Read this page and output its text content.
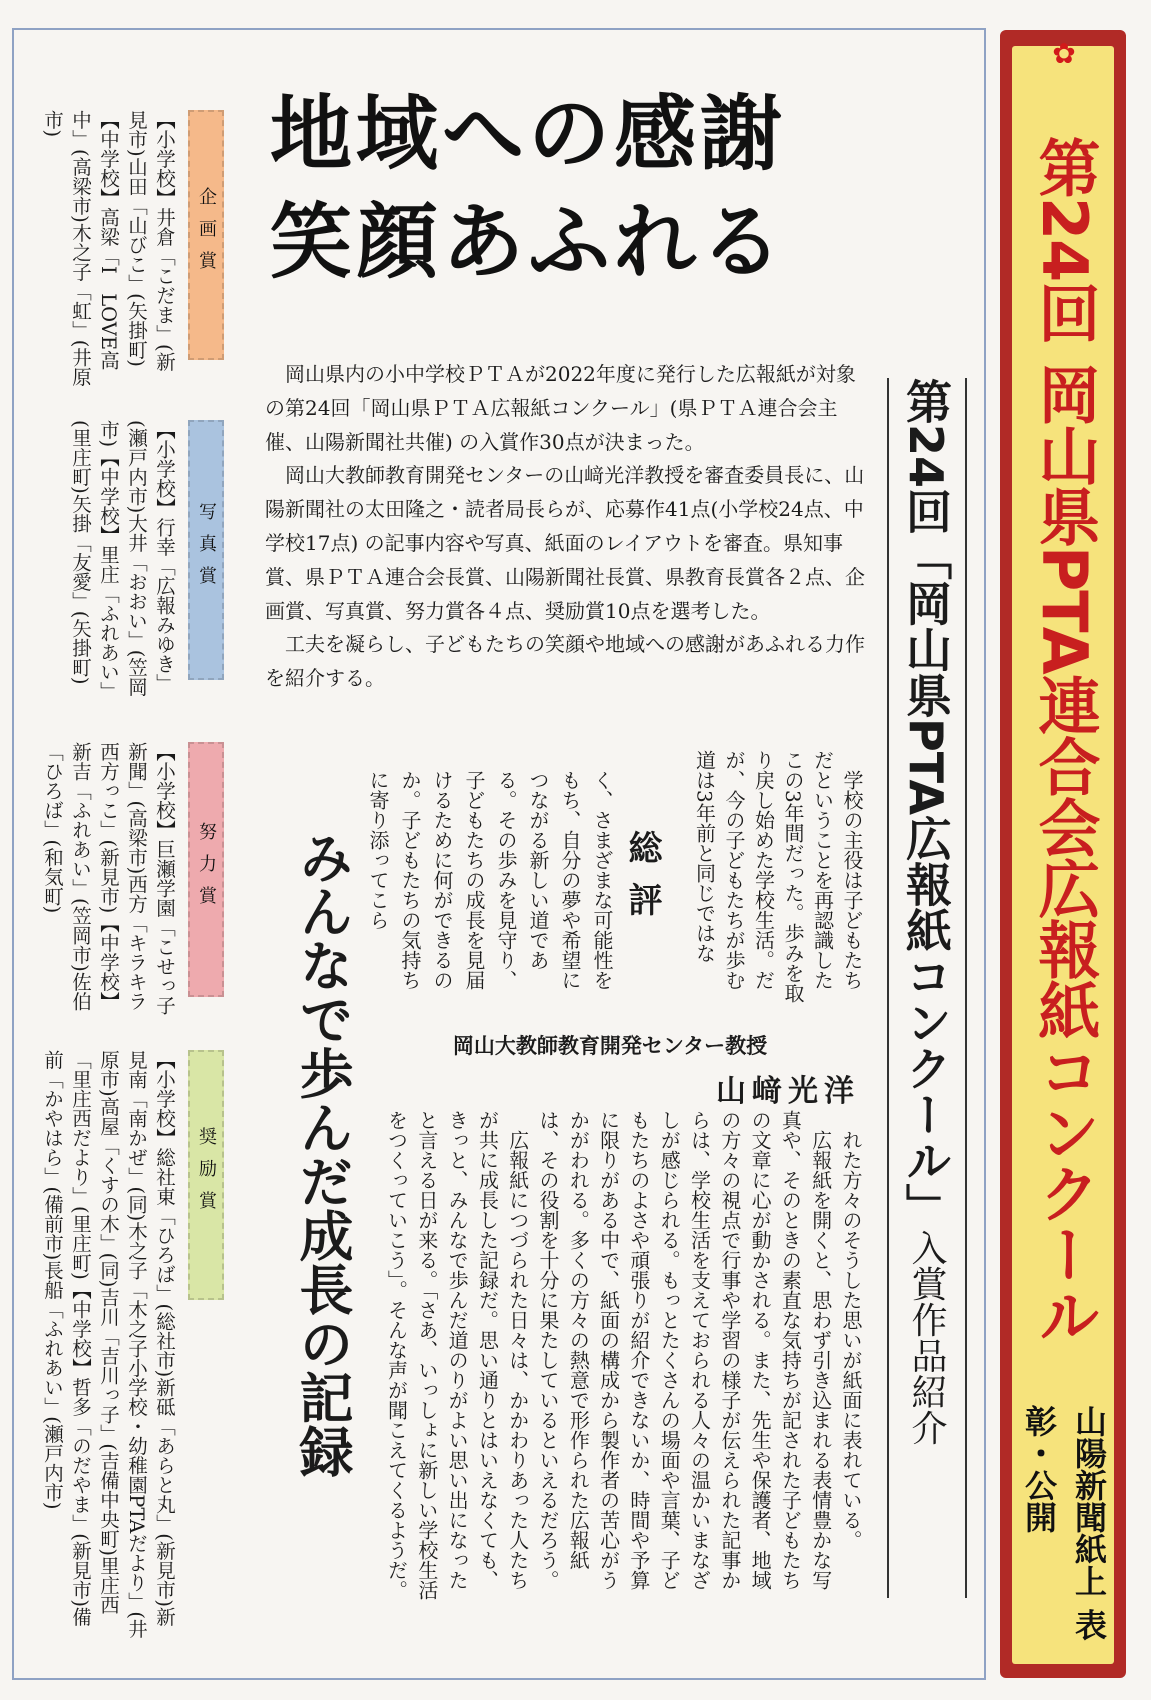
✿
第24回 岡山県PTA連合会広報紙コンクール
山陽新聞紙上 表彰・公開
地域への感謝
笑顔あふれる

岡山県内の小中学校ＰＴＡが2022年度に発行した広報紙が対象の第24回「岡山県ＰＴＡ広報紙コンクール」(県ＰＴＡ連合会主催、山陽新聞社共催) の入賞作30点が決まった。

岡山大教師教育開発センターの山﨑光洋教授を審査委員長に、山陽新聞社の太田隆之・読者局長らが、応募作41点(小学校24点、中学校17点) の記事内容や写真、紙面のレイアウトを審査。県知事賞、県ＰＴＡ連合会長賞、山陽新聞社長賞、県教育長賞各２点、企画賞、写真賞、努力賞各４点、奨励賞10点を選考した。

工夫を凝らし、子どもたちの笑顔や地域への感謝があふれる力作を紹介する。	第24回「岡山県PTA広報紙コンクール」入賞作品紹介
みんなで歩んだ成長の記録	学校の主役は子どもたちだということを再認識したこの3年間だった。歩みを取り戻し始めた学校生活。だが、今の子どもたちが歩む道は3年前と同じではな
総評
く、さまざまな可能性をもち、自分の夢や希望につながる新しい道である。その歩みを見守り、子どもたちの成長を見届けるために何ができるのか。子どもたちの気持ちに寄り添ってこら
岡山大教師教育開発センター教授
山﨑光洋

れた方々のそうした思いが紙面に表れている。

広報紙を開くと、思わず引き込まれる表情豊かな写真や、そのときの素直な気持ちが記された子どもたちの文章に心が動かされる。また、先生や保護者、地域の方々の視点で行事や学習の様子が伝えられた記事からは、学校生活を支えておられる人々の温かいまなざしが感じられる。もっとたくさんの場面や言葉、子どもたちのよさや頑張りが紹介できないか、時間や予算に限りがある中で、紙面の構成から製作者の苦心がうかがわれる。多くの方々の熱意で形作られた広報紙は、その役割を十分に果たしているといえるだろう。

広報紙につづられた日々は、かかわりあった人たちが共に成長した記録だ。思い通りとはいえなくても、きっと、みんなで歩んだ道のりがよい思い出になったと言える日が来る。「さあ、いっしょに新しい学校生活をつくっていこう」。そんな声が聞こえてくるようだ。

企画賞
【小学校】井倉「こだま」(新見市)山田「山びこ」(矢掛町)【中学校】高梁「I　LOVE高中」(高梁市)木之子「虹」(井原市)
写真賞
【小学校】行幸「広報みゆき」(瀬戸内市)大井「おおい」(笠岡市)【中学校】里庄「ふれあい」(里庄町)矢掛「友愛」(矢掛町)
努力賞
【小学校】巨瀬学園「こせっ子新聞」(高梁市)西方「キラキラ西方っこ」(新見市)【中学校】新吉「ふれあい」(笠岡市)佐伯「ひろば」(和気町)
奨励賞
【小学校】総社東「ひろば」(総社市)新砥「あらと丸」(新見市)新見南「南かぜ」(同)木之子「木之子小学校・幼稚園PTAだより」(井原市)高屋「くすの木」(同)吉川「吉川っ子」(吉備中央町)里庄西「里庄西だより」(里庄町)【中学校】哲多「のだやま」(新見市)備前「かやはら」(備前市)長船「ふれあい」(瀬戸内市)
